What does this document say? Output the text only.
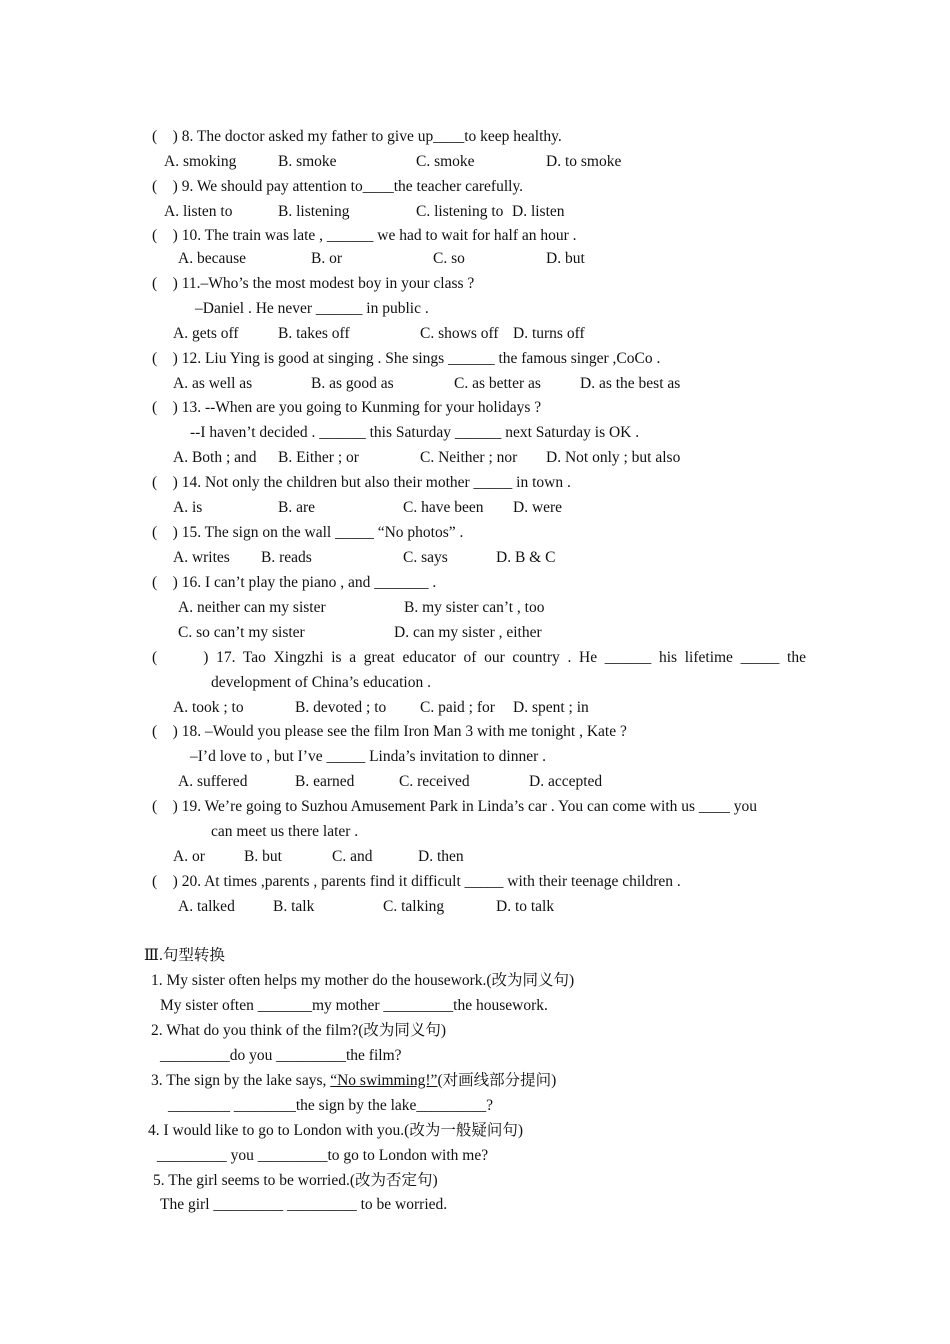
(    ) 8. The doctor asked my father to give up____to keep healthy.
A. smoking	B. smoke	C. smoke	D. to smoke
(    ) 9. We should pay attention to____the teacher carefully.
A. listen to	B. listening	C. listening to D. listen
(    ) 10. The train was late , ______ we had to wait for half an hour .
A. because	B. or	C. so	D. but
(    ) 11.–Who’s the most modest boy in your class ?
–Daniel . He never ______ in public .
A. gets off	B. takes off	C. shows off D. turns off
(    ) 12. Liu Ying is good at singing . She sings ______ the famous singer ,CoCo .
A. as well as	B. as good as	C. as better as	D. as the best as
(    ) 13. --When are you going to Kunming for your holidays ?
--I haven’t decided . ______ this Saturday ______ next Saturday is OK .
A. Both ; and B. Either ; or	C. Neither ; nor D. Not only ; but also
(    ) 14. Not only the children but also their mother _____ in town .
A. is	B. are	C. have been D. were
(    ) 15. The sign on the wall _____ “No photos” .
A. writes B. reads	C. says	D. B & C
(    ) 16. I can’t play the piano , and _______ .
A. neither can my sister	B. my sister can’t , too
C. so can’t my sister	D. can my sister , either
(      ) 17. Tao Xingzhi is a great educator of our country . He ______ his lifetime _____ the
development of China’s education .
A. took ; to	B. devoted ; to C. paid ; for D. spent ; in
(    ) 18. –Would you please see the film Iron Man 3 with me tonight , Kate ?
–I’d love to , but I’ve _____ Linda’s invitation to dinner .
A. suffered	B. earned	C. received	D. accepted
(    ) 19. We’re going to Suzhou Amusement Park in Linda’s car . You can come with us ____ you
can meet us there later .
A. or	B. but	C. and	D. then
(    ) 20. At times ,parents , parents find it difficult _____ with their teenage children .
A. talked B. talk	C. talking	D. to talk
Ⅲ.句型转换
1. My sister often helps my mother do the housework.(改为同义句)
My sister often _______my mother _________the housework.
2. What do you think of the film?(改为同义句)
_________do you _________the film?
3. The sign by the lake says, “No swimming!”(对画线部分提问)
________ ________the sign by the lake_________?
4. I would like to go to London with you.(改为一般疑问句)
_________ you _________to go to London with me?
5. The girl seems to be worried.(改为否定句)
The girl _________ _________ to be worried.
